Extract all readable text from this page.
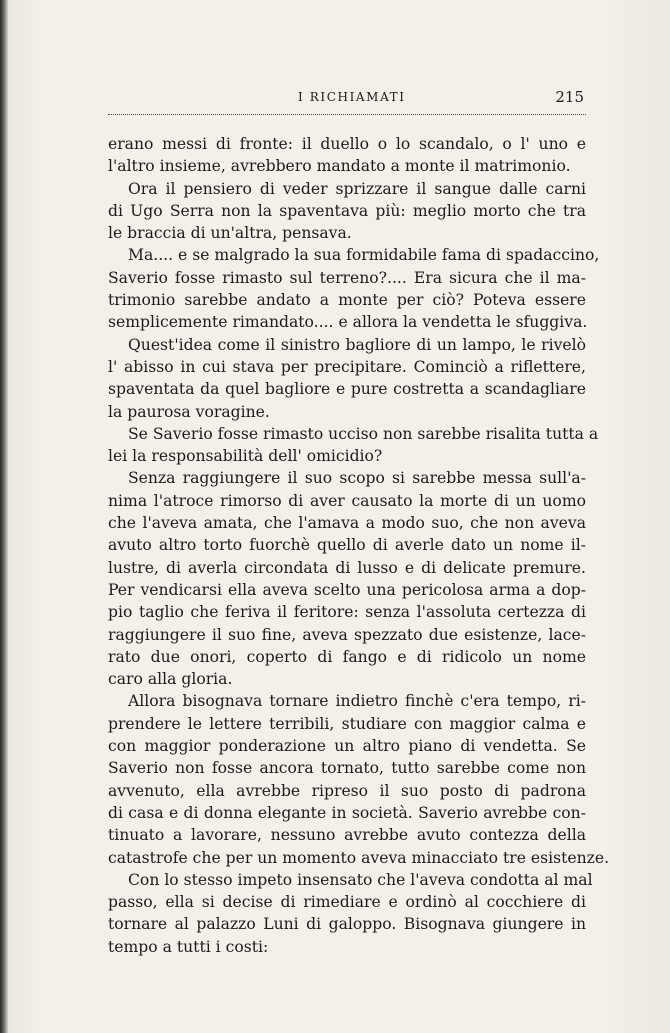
I RICHIAMATI	215
erano messi di fronte: il duello o lo scandalo, o l' uno e
l'altro insieme, avrebbero mandato a monte il matrimonio.
Ora il pensiero di veder sprizzare il sangue dalle carni
di Ugo Serra non la spaventava più: meglio morto che tra
le braccia di un'altra, pensava.
Ma.... e se malgrado la sua formidabile fama di spadaccino,
Saverio fosse rimasto sul terreno?.... Era sicura che il ma-
trimonio sarebbe andato a monte per ciò? Poteva essere
semplicemente rimandato.... e allora la vendetta le sfuggiva.
Quest'idea come il sinistro bagliore di un lampo, le rivelò
l' abisso in cui stava per precipitare. Cominciò a riflettere,
spaventata da quel bagliore e pure costretta a scandagliare
la paurosa voragine.
Se Saverio fosse rimasto ucciso non sarebbe risalita tutta a
lei la responsabilità dell' omicidio?
Senza raggiungere il suo scopo si sarebbe messa sull'a-
nima l'atroce rimorso di aver causato la morte di un uomo
che l'aveva amata, che l'amava a modo suo, che non aveva
avuto altro torto fuorchè quello di averle dato un nome il-
lustre, di averla circondata di lusso e di delicate premure.
Per vendicarsi ella aveva scelto una pericolosa arma a dop-
pio taglio che feriva il feritore: senza l'assoluta certezza di
raggiungere il suo fine, aveva spezzato due esistenze, lace-
rato due onori, coperto di fango e di ridicolo un nome
caro alla gloria.
Allora bisognava tornare indietro finchè c'era tempo, ri-
prendere le lettere terribili, studiare con maggior calma e
con maggior ponderazione un altro piano di vendetta. Se
Saverio non fosse ancora tornato, tutto sarebbe come non
avvenuto, ella avrebbe ripreso il suo posto di padrona
di casa e di donna elegante in società. Saverio avrebbe con-
tinuato a lavorare, nessuno avrebbe avuto contezza della
catastrofe che per un momento aveva minacciato tre esistenze.
Con lo stesso impeto insensato che l'aveva condotta al mal
passo, ella si decise di rimediare e ordinò al cocchiere di
tornare al palazzo Luni di galoppo. Bisognava giungere in
tempo a tutti i costi:
